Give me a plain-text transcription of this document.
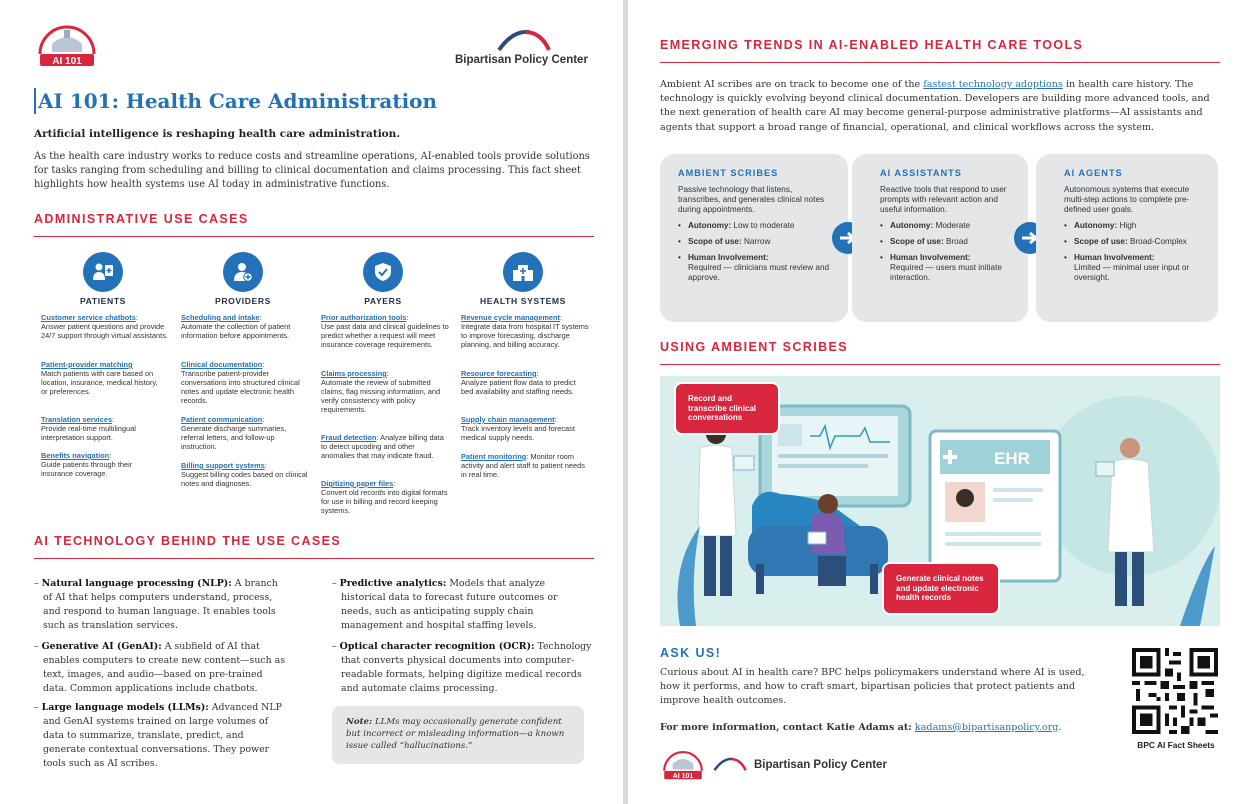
AI 101	Bipartisan Policy Center
AI 101: Health Care Administration
Artificial intelligence is reshaping health care administration.
As the health care industry works to reduce costs and streamline operations, AI-enabled tools provide solutions for tasks ranging from scheduling and billing to clinical documentation and claims processing. This fact sheet highlights how health systems use AI today in administrative functions.
ADMINISTRATIVE USE CASES
PATIENTS	PROVIDERS	PAYERS	HEALTH SYSTEMS
Customer service chatbots:
Answer patient questions and provide 24/7 support through virtual assistants.
Patient-provider matching
Match patients with care based on location, insurance, medical history, or preferences.
Translation services:
Provide real-time multilingual interpretation support.
Benefits navigation:
Guide patients through their insurance coverage.
Scheduling and intake:
Automate the collection of patient information before appointments.
Clinical documentation:
Transcribe patient-provider conversations into structured clinical notes and update electronic health records.
Patient communication:
Generate discharge summaries, referral letters, and follow-up instruction.
Billing support systems:
Suggest billing codes based on clinical notes and diagnoses.
Prior authorization tools:
Use past data and clinical guidelines to predict whether a request will meet insurance coverage requirements.
Claims processing:
Automate the review of submitted claims, flag missing information, and verify consistency with policy requirements.
Fraud detection: Analyze billing data to detect upcoding and other anomalies that may indicate fraud.
Digitizing paper files:
Convert old records into digital formats for use in billing and record keeping systems.
Revenue cycle management:
Integrate data from hospital IT systems to improve forecasting, discharge planning, and billing accuracy.
Resource forecasting:
Analyze patient flow data to predict bed availability and staffing needs.
Supply chain management:
Track inventory levels and forecast medical supply needs.
Patient monitoring: Monitor room activity and alert staff to patient needs in real time.
AI TECHNOLOGY BEHIND THE USE CASES
– Natural language processing (NLP): A branch of AI that helps computers understand, process, and respond to human language. It enables tools such as translation services.
– Generative AI (GenAI): A subfield of AI that enables computers to create new content—such as text, images, and audio—based on pre-trained data. Common applications include chatbots.
– Large language models (LLMs): Advanced NLP and GenAI systems trained on large volumes of data to summarize, translate, predict, and generate contextual conversations. They power tools such as AI scribes.
– Predictive analytics: Models that analyze historical data to forecast future outcomes or needs, such as anticipating supply chain management and hospital staffing levels.
– Optical character recognition (OCR): Technology that converts physical documents into computer-readable formats, helping digitize medical records and automate claims processing.
Note: LLMs may occasionally generate confident but incorrect or misleading information—a known issue called “hallucinations.”
EMERGING TRENDS IN AI-ENABLED HEALTH CARE TOOLS
Ambient AI scribes are on track to become one of the fastest technology adoptions in health care history. The technology is quickly evolving beyond clinical documentation. Developers are building more advanced tools, and the next generation of health care AI may become general-purpose administrative platforms—AI assistants and agents that support a broad range of financial, operational, and clinical workflows across the system.
AMBIENT SCRIBES
Passive technology that listens, transcribes, and generates clinical notes during appointments.
• Autonomy: Low to moderate
• Scope of use: Narrow
• Human Involvement:
Required — clinicians must review and approve.
AI ASSISTANTS
Reactive tools that respond to user prompts with relevant action and useful information.
• Autonomy: Moderate
• Scope of use: Broad
• Human Involvement:
Required — users must initiate interaction.
AI AGENTS
Autonomous systems that execute multi-step actions to complete pre-defined user goals.
• Autonomy: High
• Scope of use: Broad-Complex
• Human Involvement:
Limited — minimal user input or oversight.
USING AMBIENT SCRIBES
EHR
Record and transcribe clinical conversations
Generate clinical notes and update electronic health records
ASK US!
Curious about AI in health care? BPC helps policymakers understand where AI is used, how it performs, and how to craft smart, bipartisan policies that protect patients and improve health outcomes.
For more information, contact Katie Adams at: kadams@bipartisanpolicy.org.
BPC AI Fact Sheets
AI 101
Bipartisan Policy Center
